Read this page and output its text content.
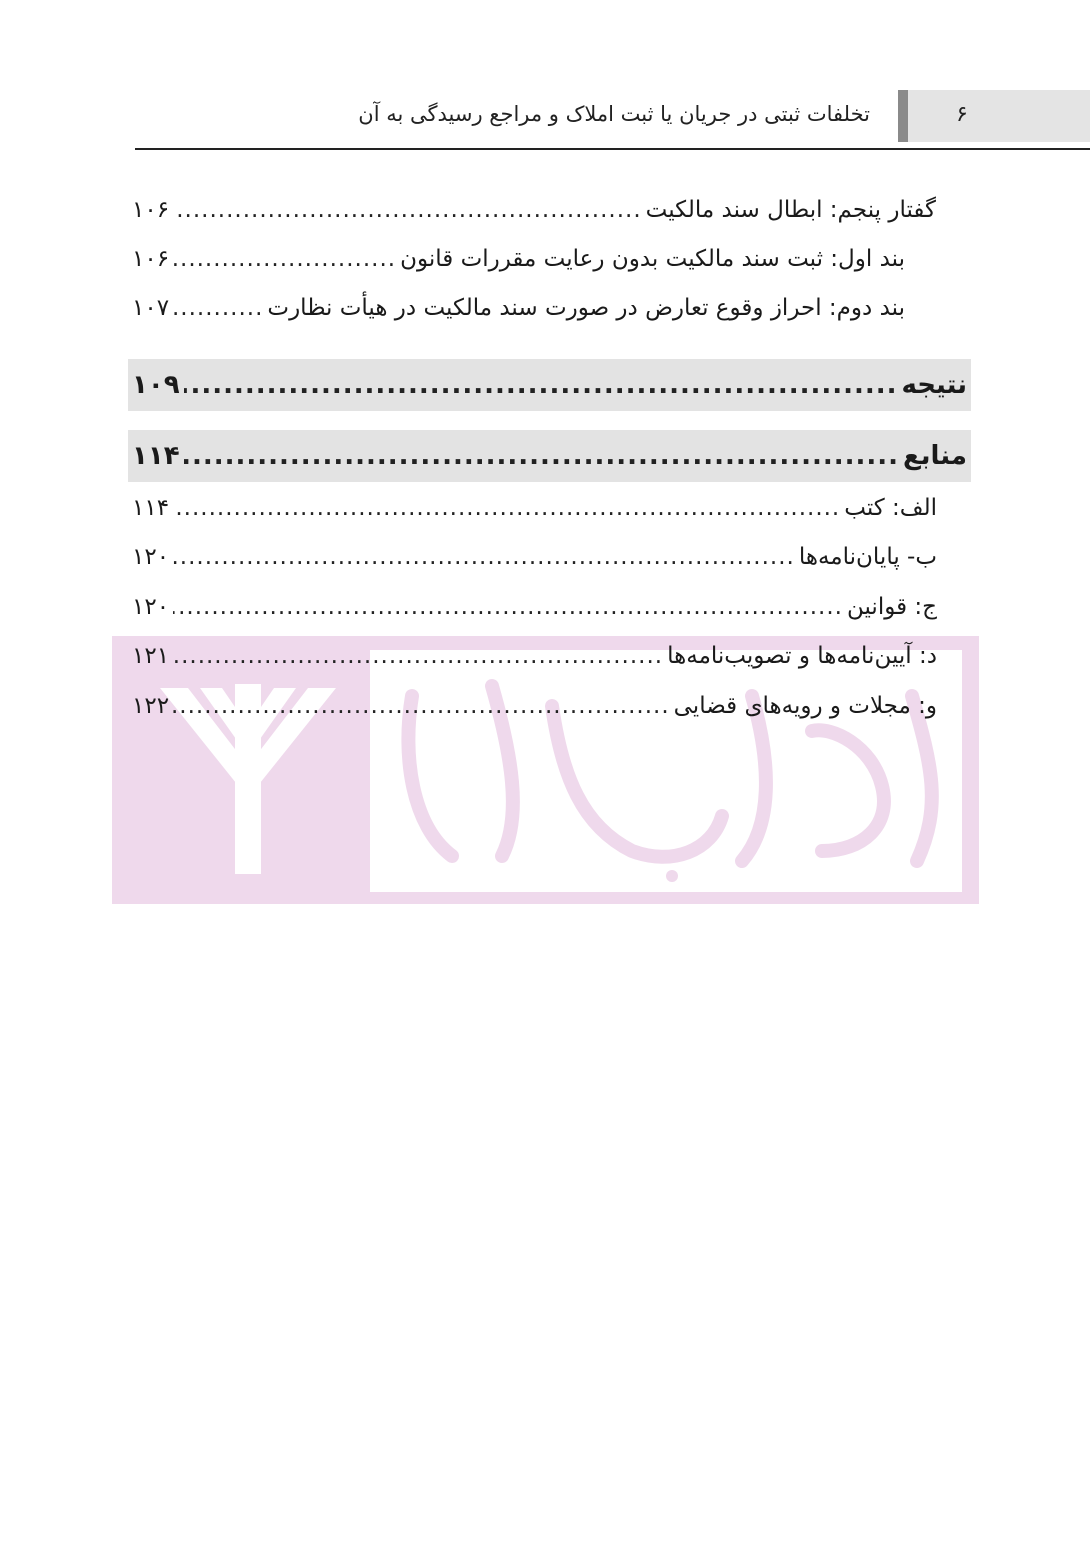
تخلفات ثبتی در جریان یا ثبت املاک و مراجع رسیدگی به آن	۶
گفتار پنجم: ابطال سند مالکیت
.....
۱۰۶
بند اول: ثبت سند مالکیت بدون رعایت مقررات قانون
.....
۱۰۶
بند دوم: احراز وقوع تعارض در صورت سند مالکیت در هیأت نظارت
.....
۱۰۷
نتیجه
.....
۱۰۹
منابع
.....
۱۱۴
الف: کتب
.....
۱۱۴
ب- پایان‌نامه‌ها
.....
۱۲۰
ج: قوانین
.....
۱۲۰
د: آیین‌نامه‌ها و تصویب‌نامه‌ها
.....
۱۲۱
و: مجلات و رویه‌های قضایی
.....
۱۲۲
